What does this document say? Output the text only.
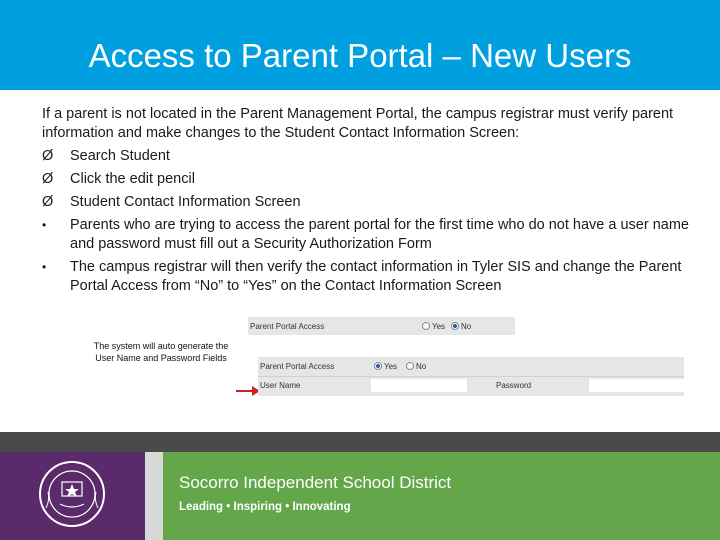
Access to Parent Portal – New Users

If a parent is not located in the Parent Management Portal, the campus registrar must verify parent information and make changes to the Student Contact Information Screen:

Ø	Search Student
Ø	Click the edit pencil
Ø	Student Contact Information Screen
•	Parents who are trying to access the parent portal for the first time who do not have a user name and password must fill out a Security Authorization Form
•	The campus registrar will then verify the contact information in Tyler SIS and change the Parent Portal Access from “No” to “Yes” on the Contact Information Screen
The system will auto generate the User Name and Password Fields
Parent Portal Access	Yes	No
Parent Portal Access	Yes	No
User Name	Password
Socorro Independent School District
Leading • Inspiring • Innovating
